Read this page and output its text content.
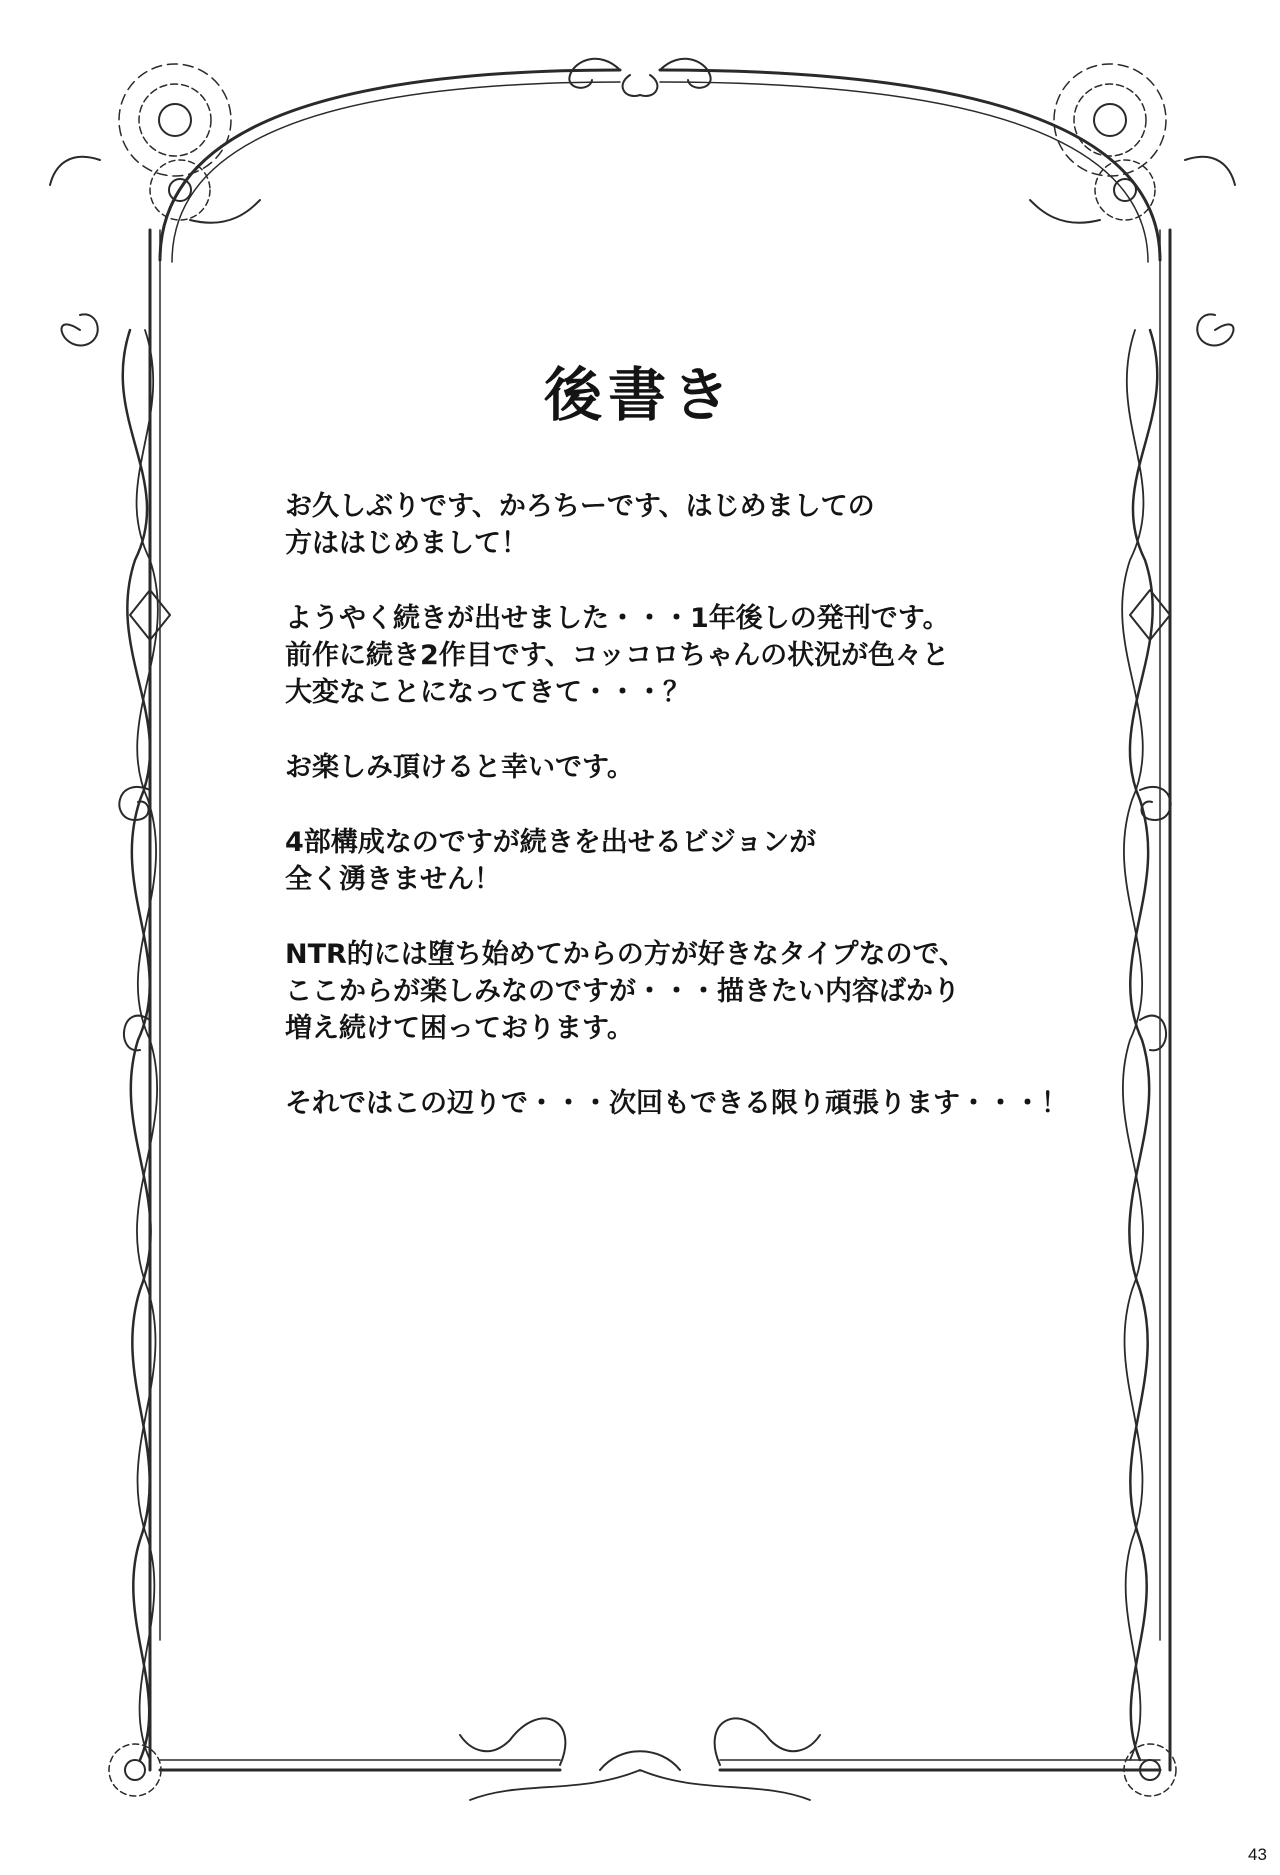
後書き
お久しぶりです、かろちーです、はじめましての
方ははじめまして！
ようやく続きが出せました・・・1年後しの発刊です。
前作に続き2作目です、コッコロちゃんの状況が色々と
大変なことになってきて・・・？
お楽しみ頂けると幸いです。
4部構成なのですが続きを出せるビジョンが
全く湧きません！
NTR的には堕ち始めてからの方が好きなタイプなので、
ここからが楽しみなのですが・・・描きたい内容ばかり
増え続けて困っております。
それではこの辺りで・・・次回もできる限り頑張ります・・・！
43
